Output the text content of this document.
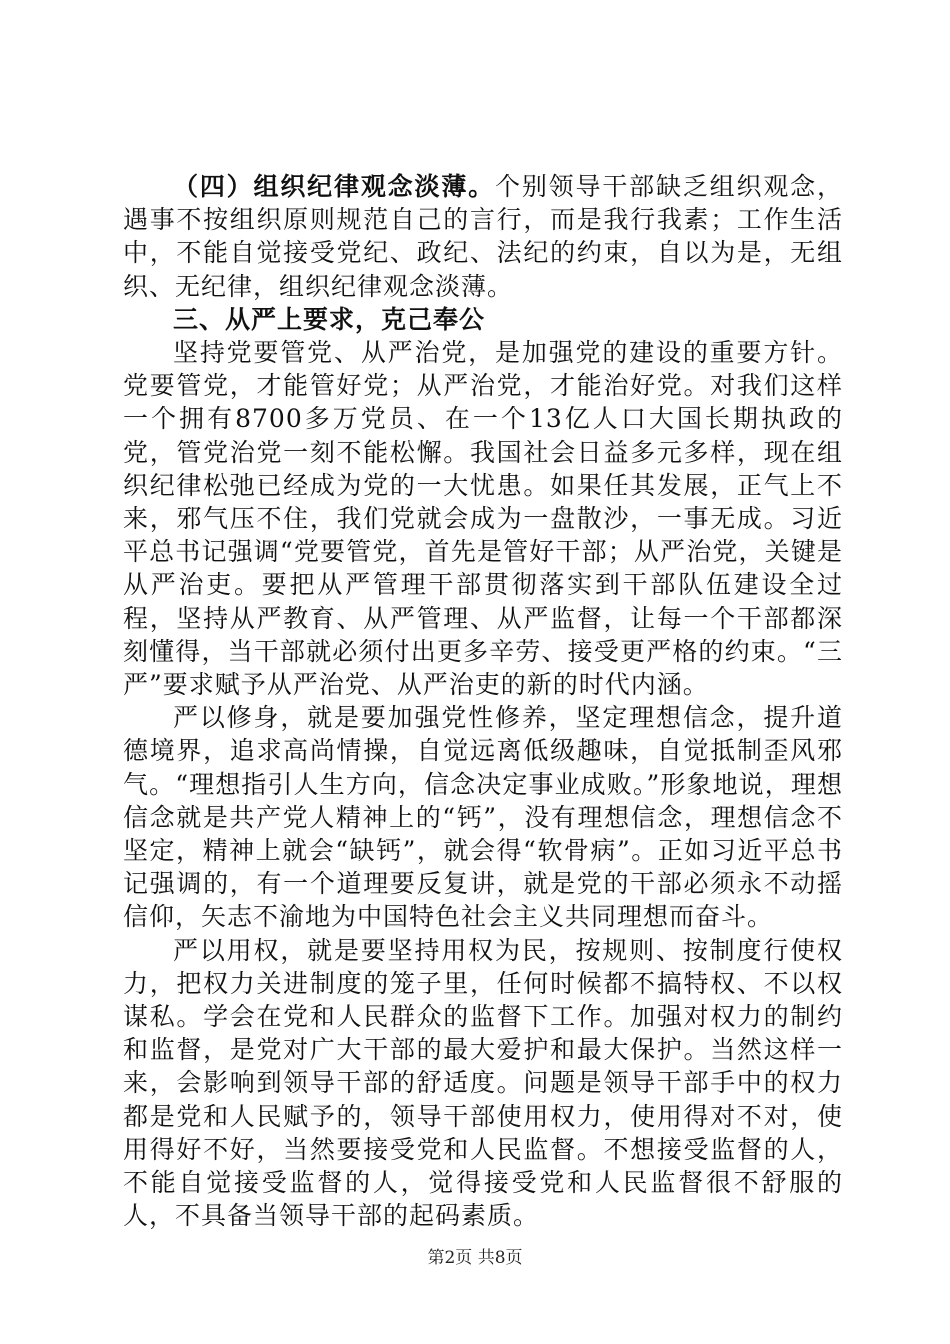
（四）组织纪律观念淡薄。个别领导干部缺乏组织观念，遇事不按组织原则规范自己的言行，而是我行我素；工作生活中，不能自觉接受党纪、政纪、法纪的约束，自以为是，无组织、无纪律，组织纪律观念淡薄。

三、从严上要求，克己奉公

坚持党要管党、从严治党，是加强党的建设的重要方针。党要管党，才能管好党；从严治党，才能治好党。对我们这样一个拥有8700多万党员、在一个13亿人口大国长期执政的党，管党治党一刻不能松懈。我国社会日益多元多样，现在组织纪律松弛已经成为党的一大忧患。如果任其发展，正气上不来，邪气压不住，我们党就会成为一盘散沙，一事无成。习近平总书记强调“党要管党，首先是管好干部；从严治党，关键是从严治吏。要把从严管理干部贯彻落实到干部队伍建设全过程，坚持从严教育、从严管理、从严监督，让每一个干部都深刻懂得，当干部就必须付出更多辛劳、接受更严格的约束。“三严”要求赋予从严治党、从严治吏的新的时代内涵。

严以修身，就是要加强党性修养，坚定理想信念，提升道德境界，追求高尚情操，自觉远离低级趣味，自觉抵制歪风邪气。“理想指引人生方向，信念决定事业成败。”形象地说，理想信念就是共产党人精神上的“钙”，没有理想信念，理想信念不坚定，精神上就会“缺钙”，就会得“软骨病”。正如习近平总书记强调的，有一个道理要反复讲，就是党的干部必须永不动摇信仰，矢志不渝地为中国特色社会主义共同理想而奋斗。

严以用权，就是要坚持用权为民，按规则、按制度行使权力，把权力关进制度的笼子里，任何时候都不搞特权、不以权谋私。学会在党和人民群众的监督下工作。加强对权力的制约和监督，是党对广大干部的最大爱护和最大保护。当然这样一来，会影响到领导干部的舒适度。问题是领导干部手中的权力都是党和人民赋予的，领导干部使用权力，使用得对不对，使用得好不好，当然要接受党和人民监督。不想接受监督的人，不能自觉接受监督的人，觉得接受党和人民监督很不舒服的人，不具备当领导干部的起码素质。

第2页 共8页
